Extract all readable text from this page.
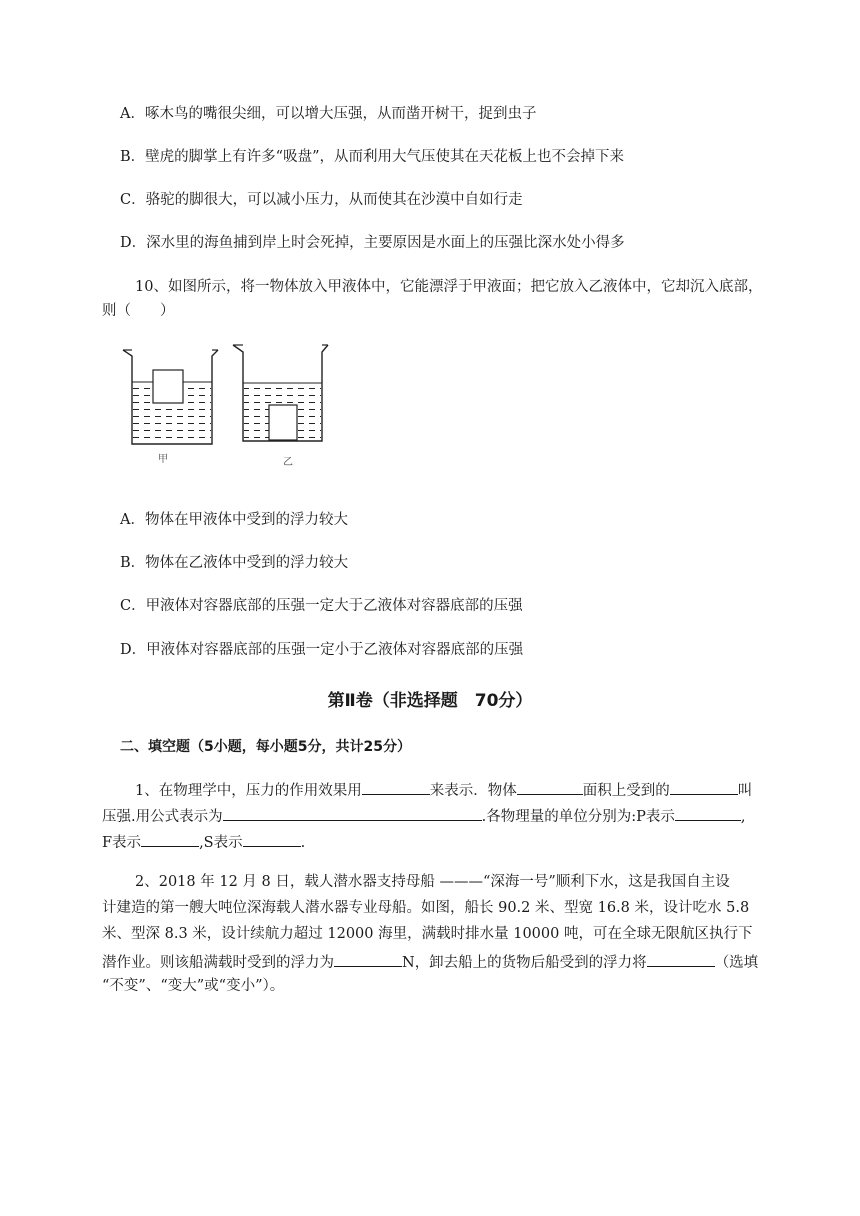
A．啄木鸟的嘴很尖细，可以增大压强，从而凿开树干，捉到虫子
B．壁虎的脚掌上有许多“吸盘”，从而利用大气压使其在天花板上也不会掉下来
C．骆驼的脚很大，可以减小压力，从而使其在沙漠中自如行走
D．深水里的海鱼捕到岸上时会死掉，主要原因是水面上的压强比深水处小得多
10、如图所示，将一物体放入甲液体中，它能漂浮于甲液面；把它放入乙液体中，它却沉入底部，
则（　　）
甲	乙
A．物体在甲液体中受到的浮力较大
B．物体在乙液体中受到的浮力较大
C．甲液体对容器底部的压强一定大于乙液体对容器底部的压强
D．甲液体对容器底部的压强一定小于乙液体对容器底部的压强
第Ⅱ卷（非选择题　70分）
二、填空题（5小题，每小题5分，共计25分）
1、在物理学中，压力的作用效果用	来表示．物体	面积上受到的	叫
压强.用公式表示为	.各物理量的单位分别为:P表示	,
F表示	,S表示	.
2、2018 年 12 月 8 日，载人潜水器支持母船 ———“深海一号”顺利下水，这是我国自主设
计建造的第一艘大吨位深海载人潜水器专业母船。如图，船长 90.2 米、型宽 16.8 米，设计吃水 5.8
米、型深 8.3 米，设计续航力超过 12000 海里，满载时排水量 10000 吨，可在全球无限航区执行下
潜作业。则该船满载时受到的浮力为	N，卸去船上的货物后船受到的浮力将	（选填
“不变”、“变大”或“变小”）。
